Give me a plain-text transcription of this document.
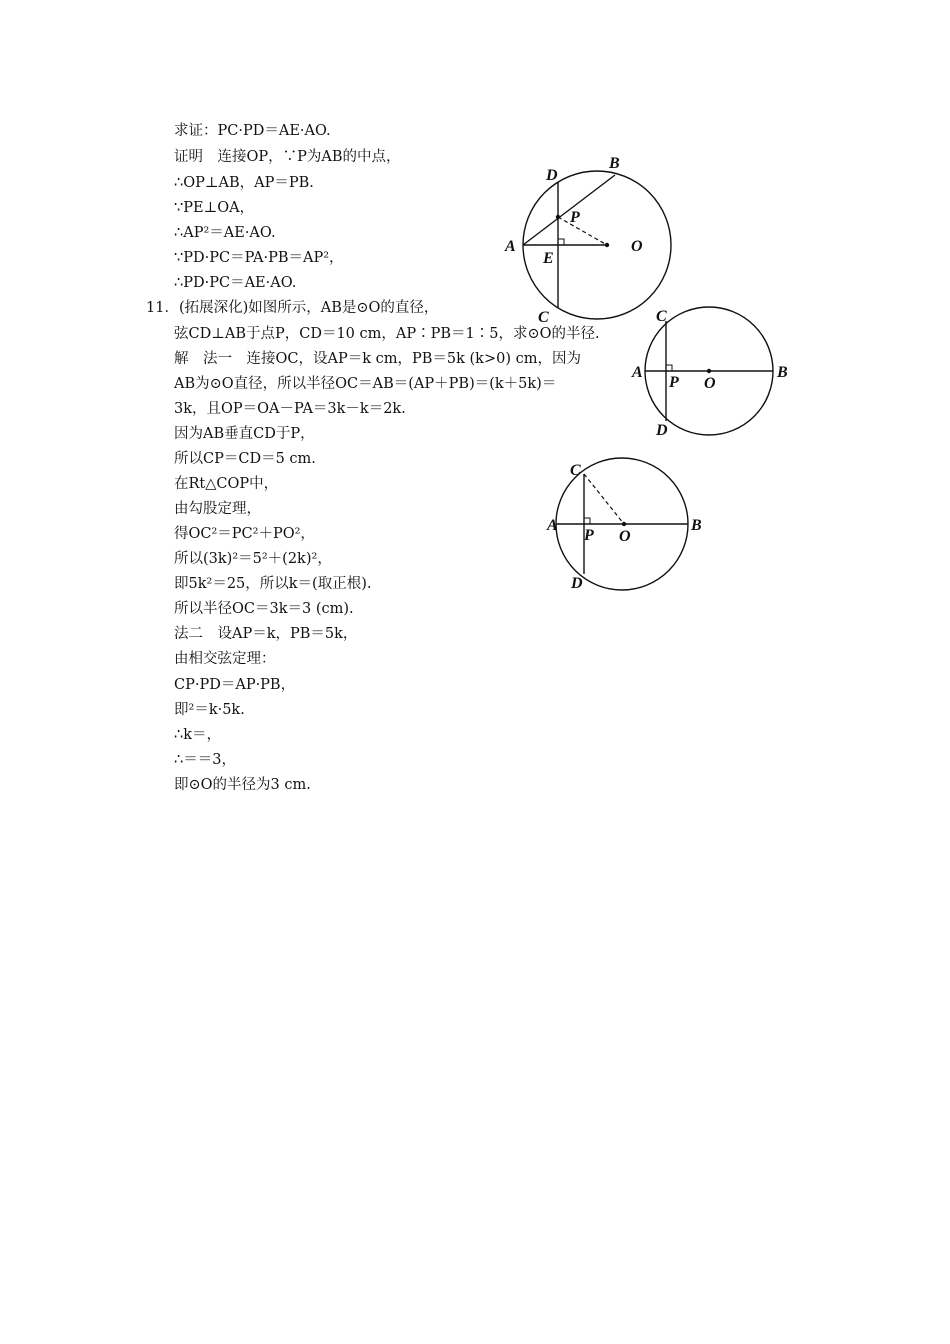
求证：PC·PD＝AE·AO.
证明　连接OP，∵P为AB的中点，
∴OP⊥AB，AP＝PB.
∵PE⊥OA，
∴AP²＝AE·AO.
∵PD·PC＝PA·PB＝AP²，
∴PD·PC＝AE·AO.
11．(拓展深化)如图所示，AB是⊙O的直径，
弦CD⊥AB于点P，CD＝10 cm，AP∶PB＝1∶5，求⊙O的半径.
解　法一　连接OC，设AP＝k cm，PB＝5k (k>0) cm，因为
AB为⊙O直径，所以半径OC＝AB＝(AP＋PB)＝(k＋5k)＝
3k，且OP＝OA－PA＝3k－k＝2k.
因为AB垂直CD于P，
所以CP＝CD＝5 cm.
在Rt△COP中，
由勾股定理，
得OC²＝PC²＋PO²，
所以(3k)²＝5²＋(2k)²，
即5k²＝25，所以k＝(取正根).
所以半径OC＝3k＝3 (cm).
法二　设AP＝k，PB＝5k，
由相交弦定理：
CP·PD＝AP·PB，
即²＝k·5k.
∴k＝，
∴＝＝3，
即⊙O的半径为3 cm.
D
B
P
A	O
E
C	C
A
P O
B
D
C
A
P O
B
D
